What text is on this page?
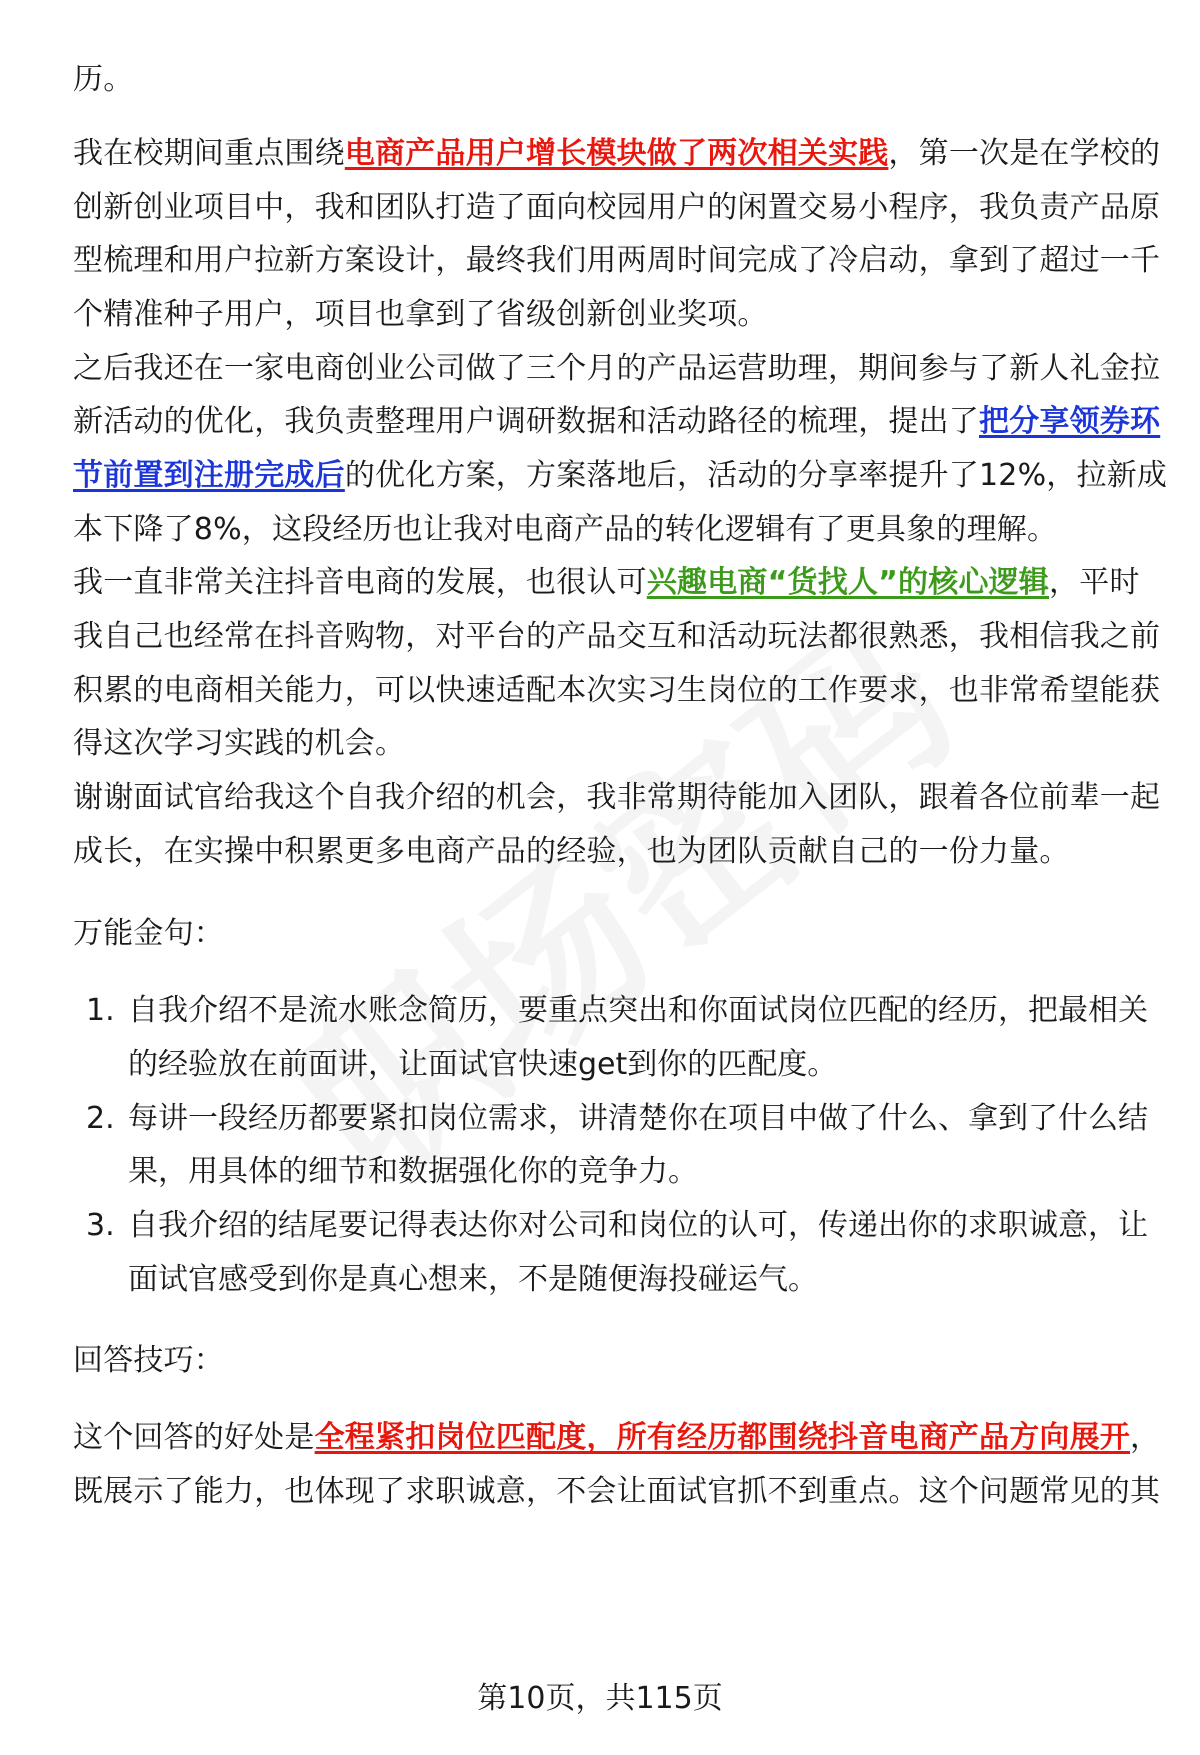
历。

我在校期间重点围绕电商产品用户增长模块做了两次相关实践，第一次是在学校的

创新创业项目中，我和团队打造了面向校园用户的闲置交易小程序，我负责产品原

型梳理和用户拉新方案设计，最终我们用两周时间完成了冷启动，拿到了超过一千

个精准种子用户，项目也拿到了省级创新创业奖项。

之后我还在一家电商创业公司做了三个月的产品运营助理，期间参与了新人礼金拉

新活动的优化，我负责整理用户调研数据和活动路径的梳理，提出了把分享领券环

节前置到注册完成后的优化方案，方案落地后，活动的分享率提升了12%，拉新成

本下降了8%，这段经历也让我对电商产品的转化逻辑有了更具象的理解。

我一直非常关注抖音电商的发展，也很认可兴趣电商“货找人”的核心逻辑，平时

我自己也经常在抖音购物，对平台的产品交互和活动玩法都很熟悉，我相信我之前

积累的电商相关能力，可以快速适配本次实习生岗位的工作要求，也非常希望能获

得这次学习实践的机会。

谢谢面试官给我这个自我介绍的机会，我非常期待能加入团队，跟着各位前辈一起

成长，在实操中积累更多电商产品的经验，也为团队贡献自己的一份力量。

万能金句：

1. 自我介绍不是流水账念简历，要重点突出和你面试岗位匹配的经历，把最相关

的经验放在前面讲，让面试官快速get到你的匹配度。

2. 每讲一段经历都要紧扣岗位需求，讲清楚你在项目中做了什么、拿到了什么结

果，用具体的细节和数据强化你的竞争力。

3. 自我介绍的结尾要记得表达你对公司和岗位的认可，传递出你的求职诚意，让

面试官感受到你是真心想来，不是随便海投碰运气。

回答技巧：

这个回答的好处是全程紧扣岗位匹配度，所有经历都围绕抖音电商产品方向展开，

既展示了能力，也体现了求职诚意，不会让面试官抓不到重点。这个问题常见的其

第10页，共115页
